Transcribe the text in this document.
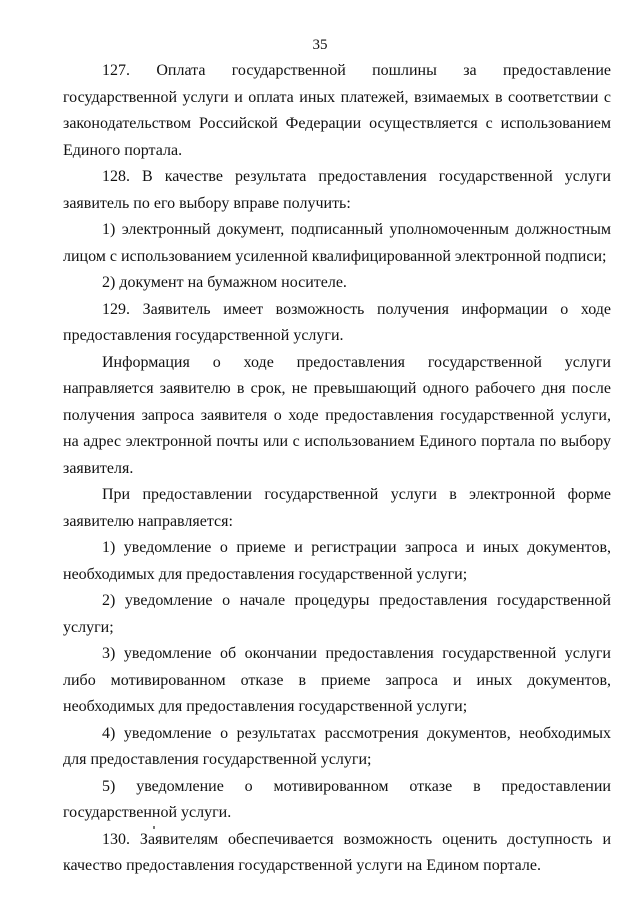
35

127. Оплата государственной пошлины за предоставление государственной услуги и оплата иных платежей, взимаемых в соответствии с законодательством Российской Федерации осуществляется с использованием Единого портала.

128. В качестве результата предоставления государственной услуги заявитель по его выбору вправе получить:

1) электронный документ, подписанный уполномоченным должностным лицом с использованием усиленной квалифицированной электронной подписи;

2) документ на бумажном носителе.

129. Заявитель имеет возможность получения информации о ходе предоставления государственной услуги.

Информация о ходе предоставления государственной услуги направляется заявителю в срок, не превышающий одного рабочего дня после получения запроса заявителя о ходе предоставления государственной услуги, на адрес электронной почты или с использованием Единого портала по выбору заявителя.

При предоставлении государственной услуги в электронной форме заявителю направляется:

1) уведомление о приеме и регистрации запроса и иных документов, необходимых для предоставления государственной услуги;

2) уведомление о начале процедуры предоставления государственной услуги;

3) уведомление об окончании предоставления государственной услуги либо мотивированном отказе в приеме запроса и иных документов, необходимых для предоставления государственной услуги;

4) уведомление о результатах рассмотрения документов, необходимых для предоставления государственной услуги;

5) уведомление о мотивированном отказе в предоставлении государственной услуги.

130. Заявителям обеспечивается возможность оценить доступность и качество предоставления государственной услуги на Едином портале.
